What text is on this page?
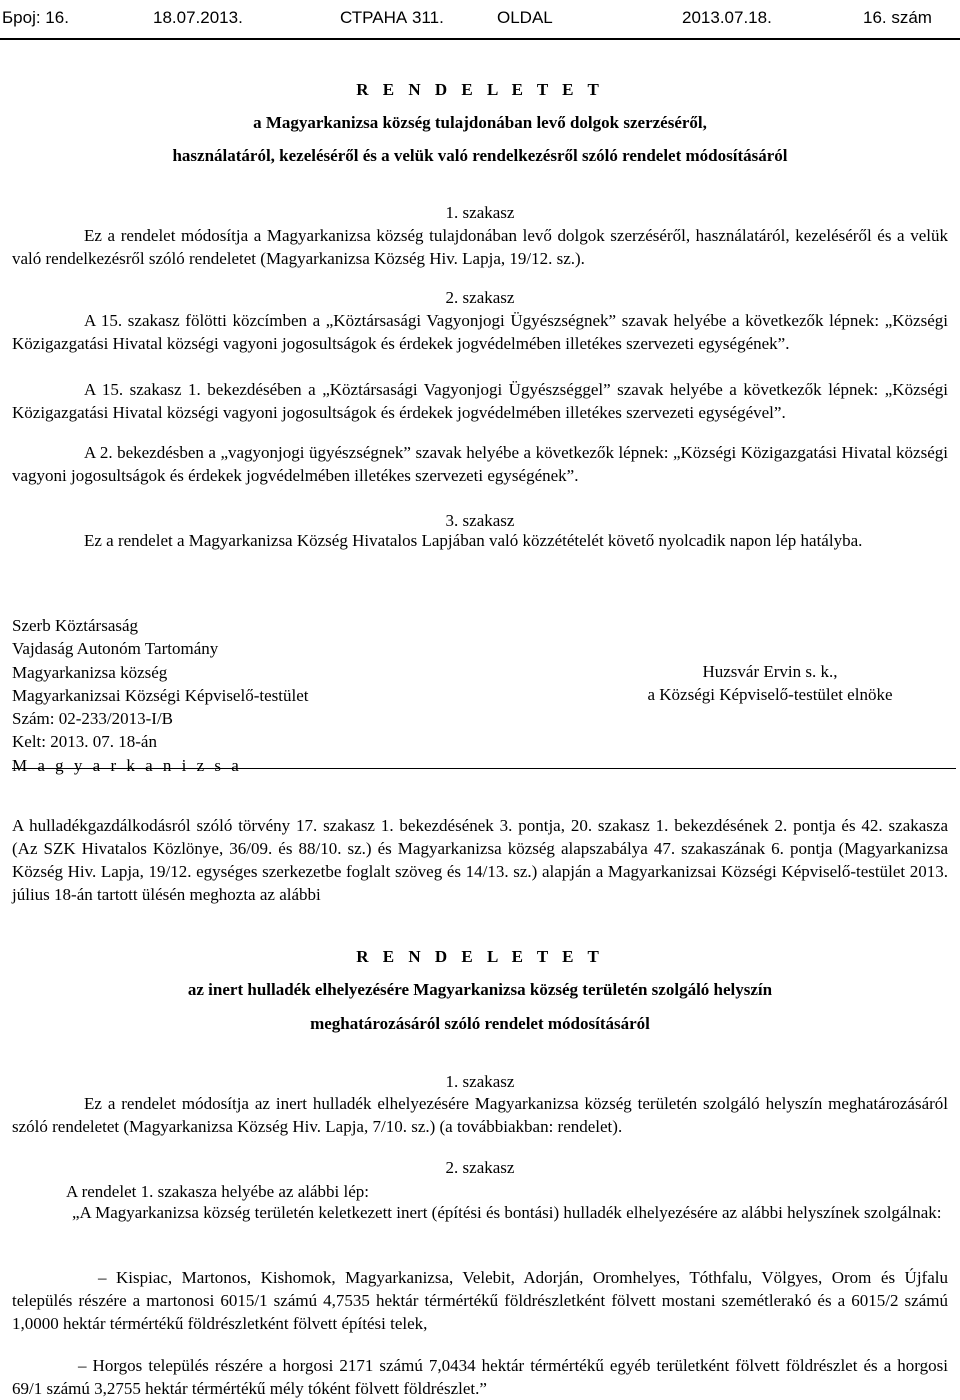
Број: 16.	18.07.2013.	СТРАНА 311.	OLDAL	2013.07.18.	16. szám
R E N D E L E T E T
a Magyarkanizsa község tulajdonában levő dolgok szerzéséről,
használatáról, kezeléséről és a velük való rendelkezésről szóló rendelet módosításáról
1. szakasz
Ez a rendelet módosítja a Magyarkanizsa község tulajdonában levő dolgok szerzéséről, használatáról, kezeléséről és a velük való rendelkezésről szóló rendeletet (Magyarkanizsa Község Hiv. Lapja, 19/12. sz.).
2. szakasz
A 15. szakasz fölötti közcímben a „Köztársasági Vagyonjogi Ügyészségnek” szavak helyébe a következők lépnek: „Községi Közigazgatási Hivatal községi vagyoni jogosultságok és érdekek jogvédelmében illetékes szervezeti egységének”.
A 15. szakasz 1. bekezdésében a „Köztársasági Vagyonjogi Ügyészséggel” szavak helyébe a következők lépnek: „Községi Közigazgatási Hivatal községi vagyoni jogosultságok és érdekek jogvédelmében illetékes szervezeti egységével”.
A 2. bekezdésben a „vagyonjogi ügyészségnek” szavak helyébe a következők lépnek: „Községi Közigazgatási Hivatal községi vagyoni jogosultságok és érdekek jogvédelmében illetékes szervezeti egységének”.
3. szakasz
Ez a rendelet a Magyarkanizsa Község Hivatalos Lapjában való közzétételét követő nyolcadik napon lép hatályba.
Szerb Köztársaság
Vajdaság Autonóm Tartomány
Magyarkanizsa község
Magyarkanizsai Községi Képviselő-testület
Szám: 02-233/2013-I/B
Kelt: 2013. 07. 18-án
M a g y a r k a n i z s a
Huzsvár Ervin s. k.,
a Községi Képviselő-testület elnöke
A hulladékgazdálkodásról szóló törvény 17. szakasz 1. bekezdésének 3. pontja, 20. szakasz 1. bekezdésének 2. pontja és 42. szakasza (Az SZK Hivatalos Közlönye, 36/09. és 88/10. sz.) és Magyarkanizsa község alapszabálya 47. szakaszának 6. pontja (Magyarkanizsa Község Hiv. Lapja, 19/12. egységes szerkezetbe foglalt szöveg és 14/13. sz.) alapján a Magyarkanizsai Községi Képviselő-testület 2013. július 18-án tartott ülésén meghozta az alábbi
R E N D E L E T E T
az inert hulladék elhelyezésére Magyarkanizsa község területén szolgáló helyszín
meghatározásáról szóló rendelet módosításáról
1. szakasz
Ez a rendelet módosítja az inert hulladék elhelyezésére Magyarkanizsa község területén szolgáló helyszín meghatározásáról szóló rendeletet (Magyarkanizsa Község Hiv. Lapja, 7/10. sz.) (a továbbiakban: rendelet).
2. szakasz
A rendelet 1. szakasza helyébe az alábbi lép:
„A Magyarkanizsa község területén keletkezett inert (építési és bontási) hulladék elhelyezésére az alábbi helyszínek szolgálnak:
– Kispiac, Martonos, Kishomok, Magyarkanizsa, Velebit, Adorján, Oromhelyes, Tóthfalu, Völgyes, Orom és Újfalu település részére a martonosi 6015/1 számú 4,7535 hektár térmértékű földrészletként fölvett mostani szemétlerakó és a 6015/2 számú 1,0000 hektár térmértékű földrészletként fölvett építési telek,
– Horgos település részére a horgosi 2171 számú 7,0434 hektár térmértékű egyéb területként fölvett földrészlet és a horgosi 69/1 számú 3,2755 hektár térmértékű mély tóként fölvett földrészlet.”
